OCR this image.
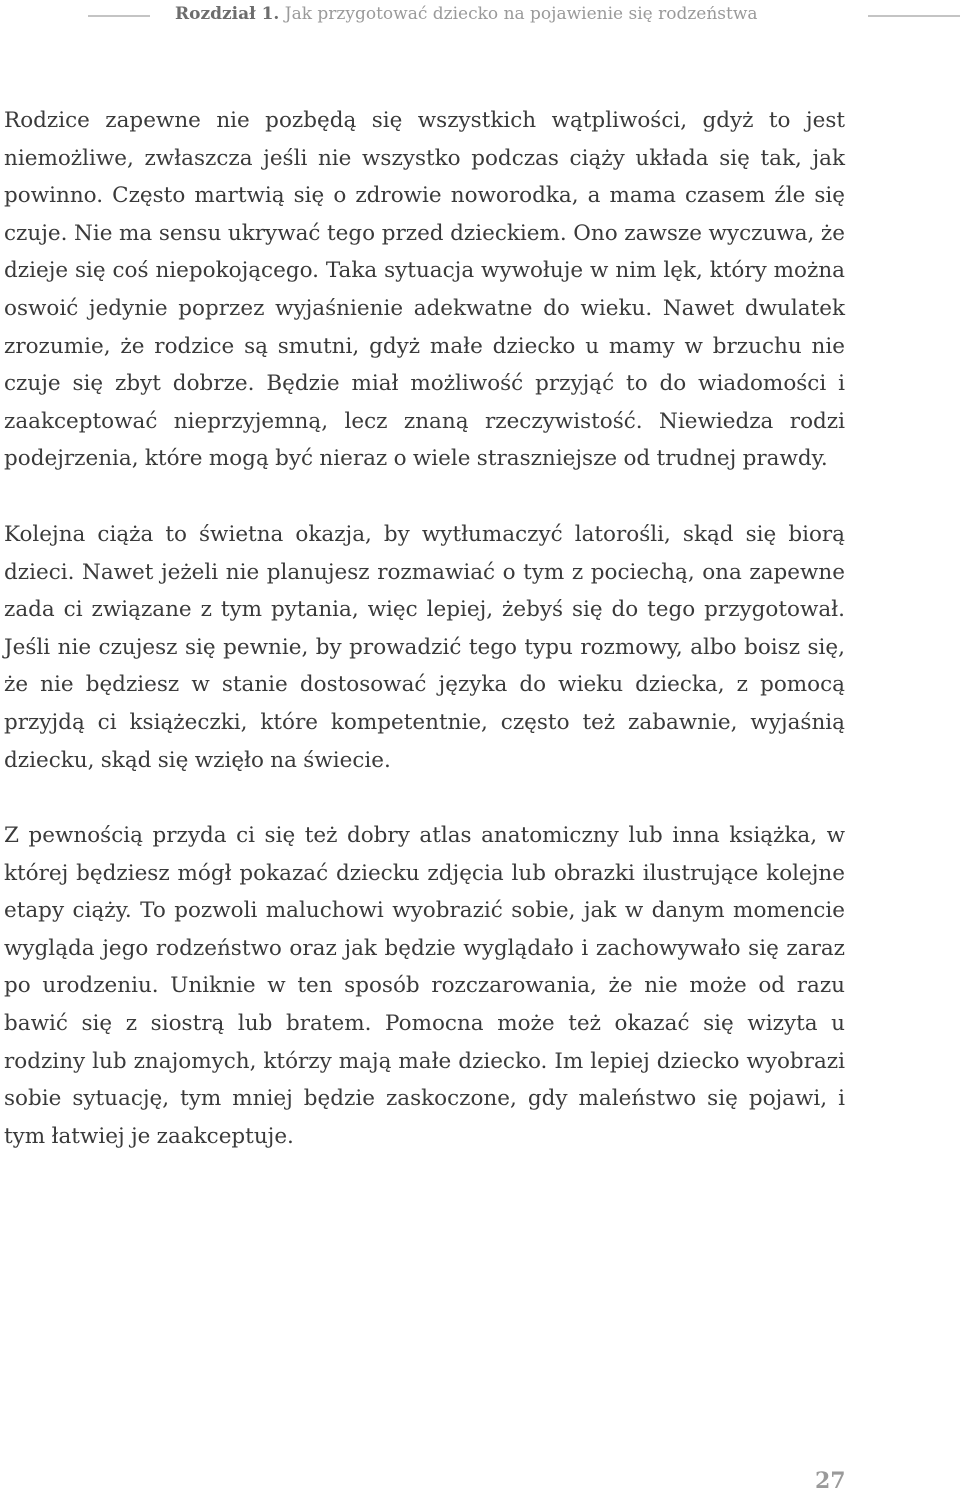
Rozdział 1. Jak przygotować dziecko na pojawienie się rodzeństwa

Rodzice zapewne nie pozbędą się wszystkich wątpliwości, gdyż to jest niemożliwe, zwłaszcza jeśli nie wszystko podczas ciąży układa się tak, jak powinno. Często martwią się o zdrowie noworodka, a mama czasem źle się czuje. Nie ma sensu ukrywać tego przed dzieckiem. Ono zawsze wyczuwa, że dzieje się coś niepokojącego. Taka sytuacja wywołuje w nim lęk, który można oswoić jedynie poprzez wyjaśnienie adekwatne do wieku. Nawet dwulatek zrozumie, że rodzice są smutni, gdyż małe dziecko u mamy w brzuchu nie czuje się zbyt dobrze. Będzie miał możliwość przyjąć to do wiadomości i zaakceptować nieprzyjemną, lecz znaną rzeczywistość. Niewiedza rodzi podejrzenia, które mogą być nieraz o wiele straszniejsze od trudnej prawdy.

Kolejna ciąża to świetna okazja, by wytłumaczyć latorośli, skąd się biorą dzieci. Nawet jeżeli nie planujesz rozmawiać o tym z pociechą, ona zapewne zada ci związane z tym pytania, więc lepiej, żebyś się do tego przygotował. Jeśli nie czujesz się pewnie, by prowadzić tego typu rozmowy, albo boisz się, że nie będziesz w stanie dostosować języka do wieku dziecka, z pomocą przyjdą ci książeczki, które kompetentnie, często też zabawnie, wyjaśnią dziecku, skąd się wzięło na świecie.

Z pewnością przyda ci się też dobry atlas anatomiczny lub inna książka, w której będziesz mógł pokazać dziecku zdjęcia lub obrazki ilustrujące kolejne etapy ciąży. To pozwoli maluchowi wyobrazić sobie, jak w danym momencie wygląda jego rodzeństwo oraz jak będzie wyglądało i zachowywało się zaraz po urodzeniu. Uniknie w ten sposób rozczarowania, że nie może od razu bawić się z siostrą lub bratem. Pomocna może też okazać się wizyta u rodziny lub znajomych, którzy mają małe dziecko. Im lepiej dziecko wyobrazi sobie sytuację, tym mniej będzie zaskoczone, gdy maleństwo się pojawi, i tym łatwiej je zaakceptuje.

27
